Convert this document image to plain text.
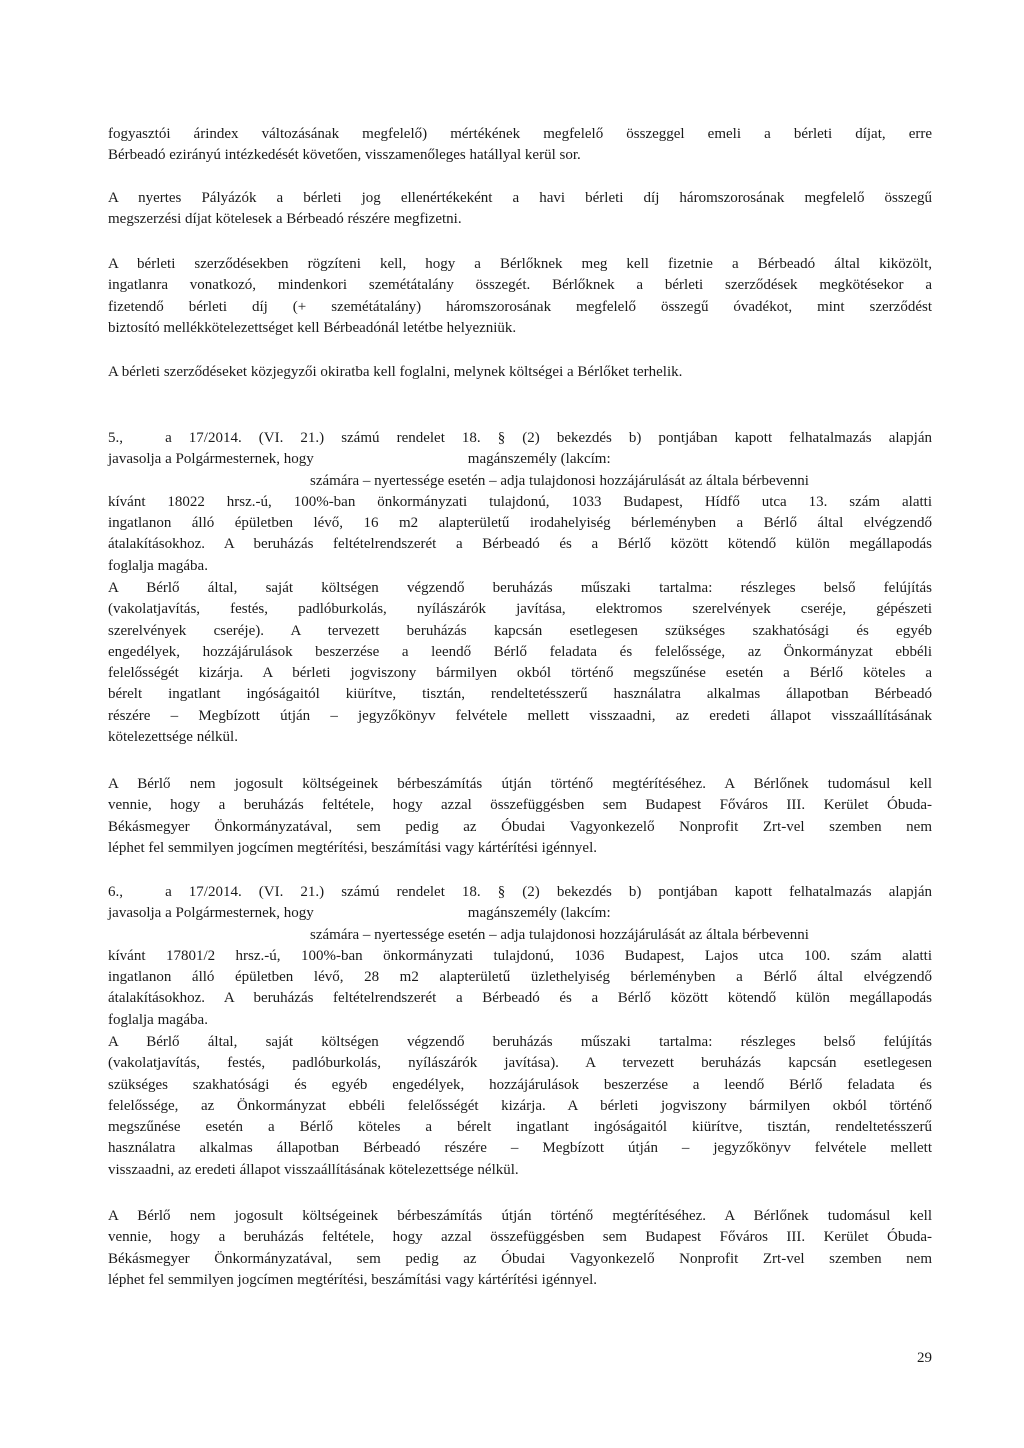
fogyasztói árindex változásának megfelelő) mértékének megfelelő összeggel emeli a bérleti díjat, erre
Bérbeadó ezirányú intézkedését követően, visszamenőleges hatállyal kerül sor.

A nyertes Pályázók a bérleti jog ellenértékeként a havi bérleti díj háromszorosának megfelelő összegű
megszerzési díjat kötelesek a Bérbeadó részére megfizetni.

A bérleti szerződésekben rögzíteni kell, hogy a Bérlőknek meg kell fizetnie a Bérbeadó által kiközölt,
ingatlanra vonatkozó, mindenkori szemétátalány összegét. Bérlőknek a bérleti szerződések megkötésekor a
fizetendő bérleti díj (+ szemétátalány) háromszorosának megfelelő összegű óvadékot, mint szerződést
biztosító mellékkötelezettséget kell Bérbeadónál letétbe helyezniük.

A bérleti szerződéseket közjegyzői okiratba kell foglalni, melynek költségei a Bérlőket terhelik.

5.,	a 17/2014. (VI. 21.) számú rendelet 18. § (2) bekezdés b) pontjában kapott felhatalmazás alapján
javasolja a Polgármesternek, hogy	magánszemély (lakcím:
számára – nyertessége esetén – adja tulajdonosi hozzájárulását az általa bérbevenni
kívánt 18022 hrsz.-ú, 100%-ban önkormányzati tulajdonú, 1033 Budapest, Hídfő utca 13. szám alatti
ingatlanon álló épületben lévő, 16 m2 alapterületű irodahelyiség bérleményben a Bérlő által elvégzendő
átalakításokhoz. A beruházás feltételrendszerét a Bérbeadó és a Bérlő között kötendő külön megállapodás
foglalja magába.

A Bérlő által, saját költségen végzendő beruházás műszaki tartalma: részleges belső felújítás
(vakolatjavítás, festés, padlóburkolás, nyílászárók javítása, elektromos szerelvények cseréje, gépészeti
szerelvények cseréje). A tervezett beruházás kapcsán esetlegesen szükséges szakhatósági és egyéb
engedélyek, hozzájárulások beszerzése a leendő Bérlő feladata és felelőssége, az Önkormányzat ebbéli
felelősségét kizárja. A bérleti jogviszony bármilyen okból történő megszűnése esetén a Bérlő köteles a
bérelt ingatlant ingóságaitól kiürítve, tisztán, rendeltetésszerű használatra alkalmas állapotban Bérbeadó
részére – Megbízott útján – jegyzőkönyv felvétele mellett visszaadni, az eredeti állapot visszaállításának
kötelezettsége nélkül.

A Bérlő nem jogosult költségeinek bérbeszámítás útján történő megtérítéséhez. A Bérlőnek tudomásul kell
vennie, hogy a beruházás feltétele, hogy azzal összefüggésben sem Budapest Főváros III. Kerület Óbuda-
Békásmegyer Önkormányzatával, sem pedig az Óbudai Vagyonkezelő Nonprofit Zrt-vel szemben nem
léphet fel semmilyen jogcímen megtérítési, beszámítási vagy kártérítési igénnyel.

6.,	a 17/2014. (VI. 21.) számú rendelet 18. § (2) bekezdés b) pontjában kapott felhatalmazás alapján
javasolja a Polgármesternek, hogy	magánszemély (lakcím:
számára – nyertessége esetén – adja tulajdonosi hozzájárulását az általa bérbevenni
kívánt 17801/2 hrsz.-ú, 100%-ban önkormányzati tulajdonú, 1036 Budapest, Lajos utca 100. szám alatti
ingatlanon álló épületben lévő, 28 m2 alapterületű üzlethelyiség bérleményben a Bérlő által elvégzendő
átalakításokhoz. A beruházás feltételrendszerét a Bérbeadó és a Bérlő között kötendő külön megállapodás
foglalja magába.

A Bérlő által, saját költségen végzendő beruházás műszaki tartalma: részleges belső felújítás
(vakolatjavítás, festés, padlóburkolás, nyílászárók javítása). A tervezett beruházás kapcsán esetlegesen
szükséges szakhatósági és egyéb engedélyek, hozzájárulások beszerzése a leendő Bérlő feladata és
felelőssége, az Önkormányzat ebbéli felelősségét kizárja. A bérleti jogviszony bármilyen okból történő
megszűnése esetén a Bérlő köteles a bérelt ingatlant ingóságaitól kiürítve, tisztán, rendeltetésszerű
használatra alkalmas állapotban Bérbeadó részére – Megbízott útján – jegyzőkönyv felvétele mellett
visszaadni, az eredeti állapot visszaállításának kötelezettsége nélkül.

A Bérlő nem jogosult költségeinek bérbeszámítás útján történő megtérítéséhez. A Bérlőnek tudomásul kell
vennie, hogy a beruházás feltétele, hogy azzal összefüggésben sem Budapest Főváros III. Kerület Óbuda-
Békásmegyer Önkormányzatával, sem pedig az Óbudai Vagyonkezelő Nonprofit Zrt-vel szemben nem
léphet fel semmilyen jogcímen megtérítési, beszámítási vagy kártérítési igénnyel.

29
